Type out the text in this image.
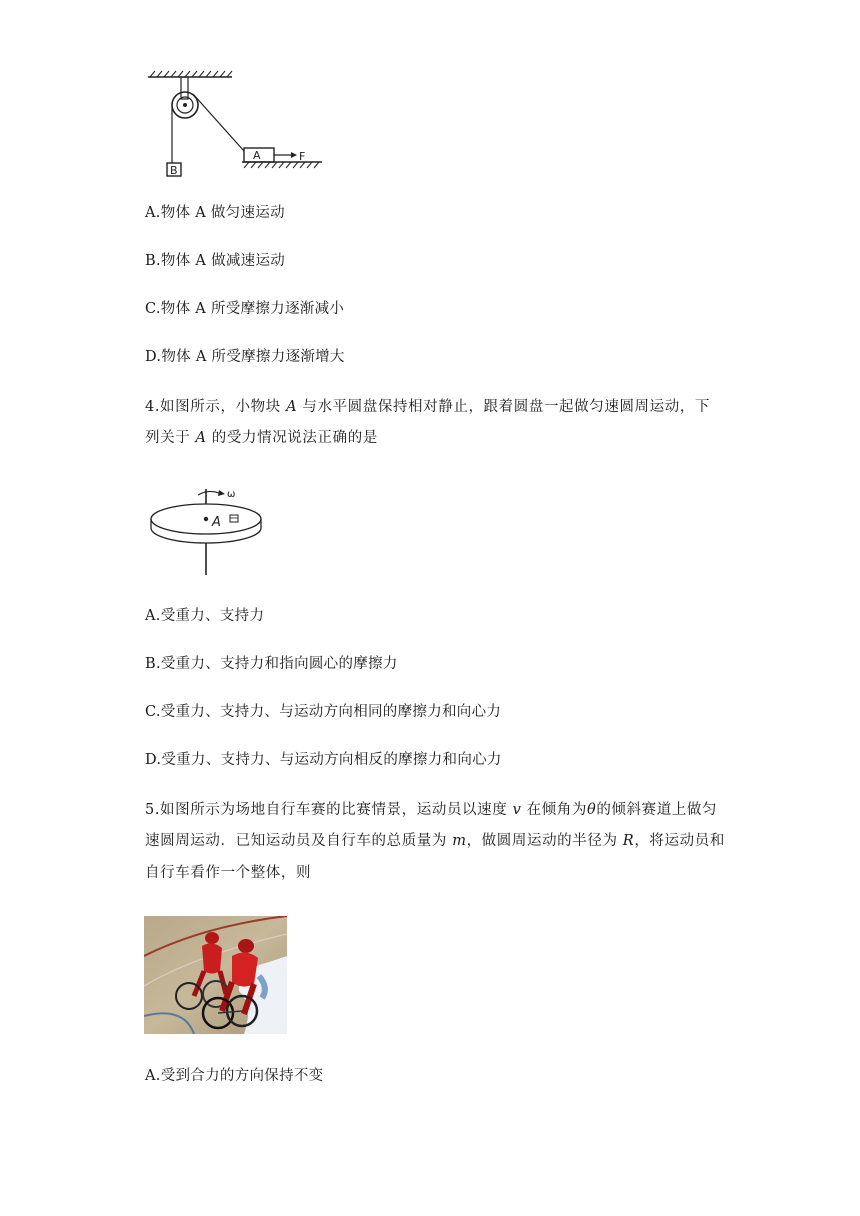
B
A	F
A.物体 A 做匀速运动
B.物体 A 做减速运动
C.物体 A 所受摩擦力逐渐减小
D.物体 A 所受摩擦力逐渐增大
4.如图所示，小物块 A 与水平圆盘保持相对静止，跟着圆盘一起做匀速圆周运动，下
列关于 A 的受力情况说法正确的是
ω
A
A.受重力、支持力
B.受重力、支持力和指向圆心的摩擦力
C.受重力、支持力、与运动方向相同的摩擦力和向心力
D.受重力、支持力、与运动方向相反的摩擦力和向心力
5.如图所示为场地自行车赛的比赛情景，运动员以速度 v 在倾角为θ的倾斜赛道上做匀
速圆周运动．已知运动员及自行车的总质量为 m，做圆周运动的半径为 R，将运动员和
自行车看作一个整体，则
A.受到合力的方向保持不变
